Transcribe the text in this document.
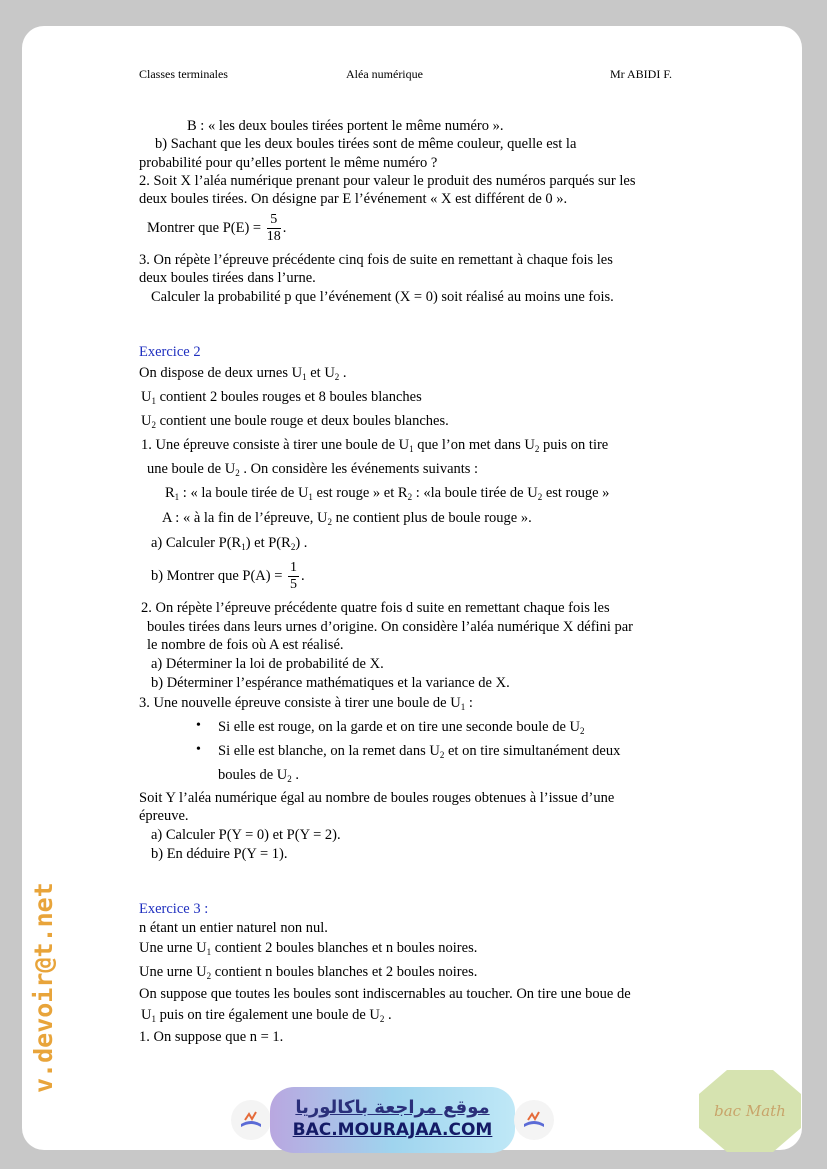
Classes terminales	Aléa numérique	Mr ABIDI F.
B : « les deux boules tirées portent le même numéro ».
b) Sachant que les deux boules tirées sont de même couleur, quelle est la
probabilité pour qu’elles portent le même numéro ?
2. Soit X l’aléa numérique prenant pour valeur le produit des numéros parqués sur les
deux boules tirées. On désigne par E l’événement « X est différent de 0 ».
Montrer que $P(E) = \frac{5}{18}$ .
3. On répète l’épreuve précédente cinq fois de suite en remettant à chaque fois les
deux boules tirées dans l’urne.
Calculer la probabilité p que l’événement (X = 0) soit réalisé au moins une fois.
Exercice 2
On dispose de deux urnes $U_1$ et $U_2$ .
$U_1$ contient 2 boules rouges et 8 boules blanches
$U_2$ contient une boule rouge et deux boules blanches.
1. Une épreuve consiste à tirer une boule de $U_1$ que l’on met dans $U_2$ puis on tire
une boule de $U_2$ . On considère les événements suivants :
$R_1$ : « la boule tirée de $U_1$ est rouge » et $R_2$ : «la boule tirée de $U_2$ est rouge »
A : « à la fin de l’épreuve, $U_2$ ne contient plus de boule rouge ».
a) Calculer $P(R_1)$ et $P(R_2)$ .
b) Montrer que $P(A) = \frac{1}{5}$ .
2. On répète l’épreuve précédente quatre fois d suite en remettant chaque fois les
boules tirées dans leurs urnes d’origine. On considère l’aléa numérique X défini par
le nombre de fois où A est réalisé.
a) Déterminer la loi de probabilité de X.
b) Déterminer l’espérance mathématiques et la variance de X.
3. Une nouvelle épreuve consiste à tirer une boule de $U_1$ :
• Si elle est rouge, on la garde et on tire une seconde boule de $U_2$
• Si elle est blanche, on la remet dans $U_2$ et on tire simultanément deux
boules de $U_2$ .
Soit Y l’aléa numérique égal au nombre de boules rouges obtenues à l’issue d’une
épreuve.
a) Calculer P(Y = 0) et P(Y = 2).
b) En déduire P(Y = 1).
Exercice 3 :
n étant un entier naturel non nul.
Une urne $U_1$ contient 2 boules blanches et n boules noires.
Une urne $U_2$ contient n boules blanches et 2 boules noires.
On suppose que toutes les boules sont indiscernables au toucher. On tire une boue de
$U_1$ puis on tire également une boule de $U_2$ .
1. On suppose que n = 1.
v.devoir@t.net
موقع مراجعة باكالوريا
BAC.MOURAJAA.COM
bac Math
